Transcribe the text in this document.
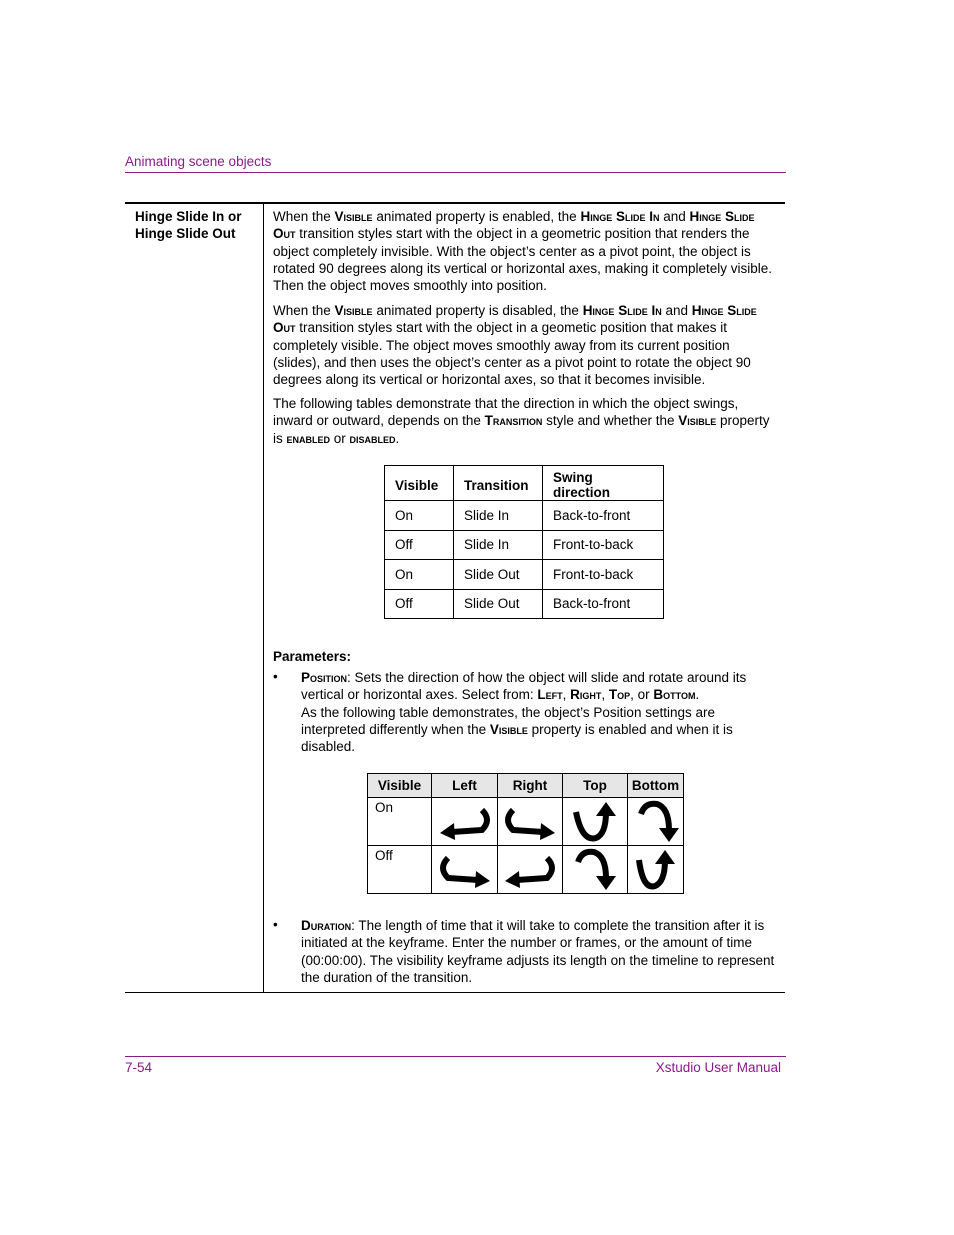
Animating scene objects
Hinge Slide In or Hinge Slide Out
When the Visible animated property is enabled, the Hinge Slide In and Hinge Slide Out transition styles start with the object in a geometric position that renders the object completely invisible. With the object’s center as a pivot point, the object is rotated 90 degrees along its vertical or horizontal axes, making it completely visible. Then the object moves smoothly into position.
When the Visible animated property is disabled, the Hinge Slide In and Hinge Slide Out transition styles start with the object in a geometic position that makes it completely visible. The object moves smoothly away from its current position (slides), and then uses the object’s center as a pivot point to rotate the object 90 degrees along its vertical or horizontal axes, so that it becomes invisible.
The following tables demonstrate that the direction in which the object swings, inward or outward, depends on the Transition style and whether the Visible property is enabled or disabled.
Visible	Transition	Swing direction
On	Slide In	Back-to-front
Off	Slide In	Front-to-back
On	Slide Out	Front-to-back
Off	Slide Out	Back-to-front
Parameters:
• Position: Sets the direction of how the object will slide and rotate around its vertical or horizontal axes. Select from: Left, Right, Top, or Bottom.
As the following table demonstrates, the object’s Position settings are interpreted differently when the Visible property is enabled and when it is disabled.
Visible	Left	Right	Top	Bottom
On	

Off	

• Duration: The length of time that it will take to complete the transition after it is initiated at the keyframe. Enter the number or frames, or the amount of time (00:00:00). The visibility keyframe adjusts its length on the timeline to represent the duration of the transition.
7-54	Xstudio User Manual
